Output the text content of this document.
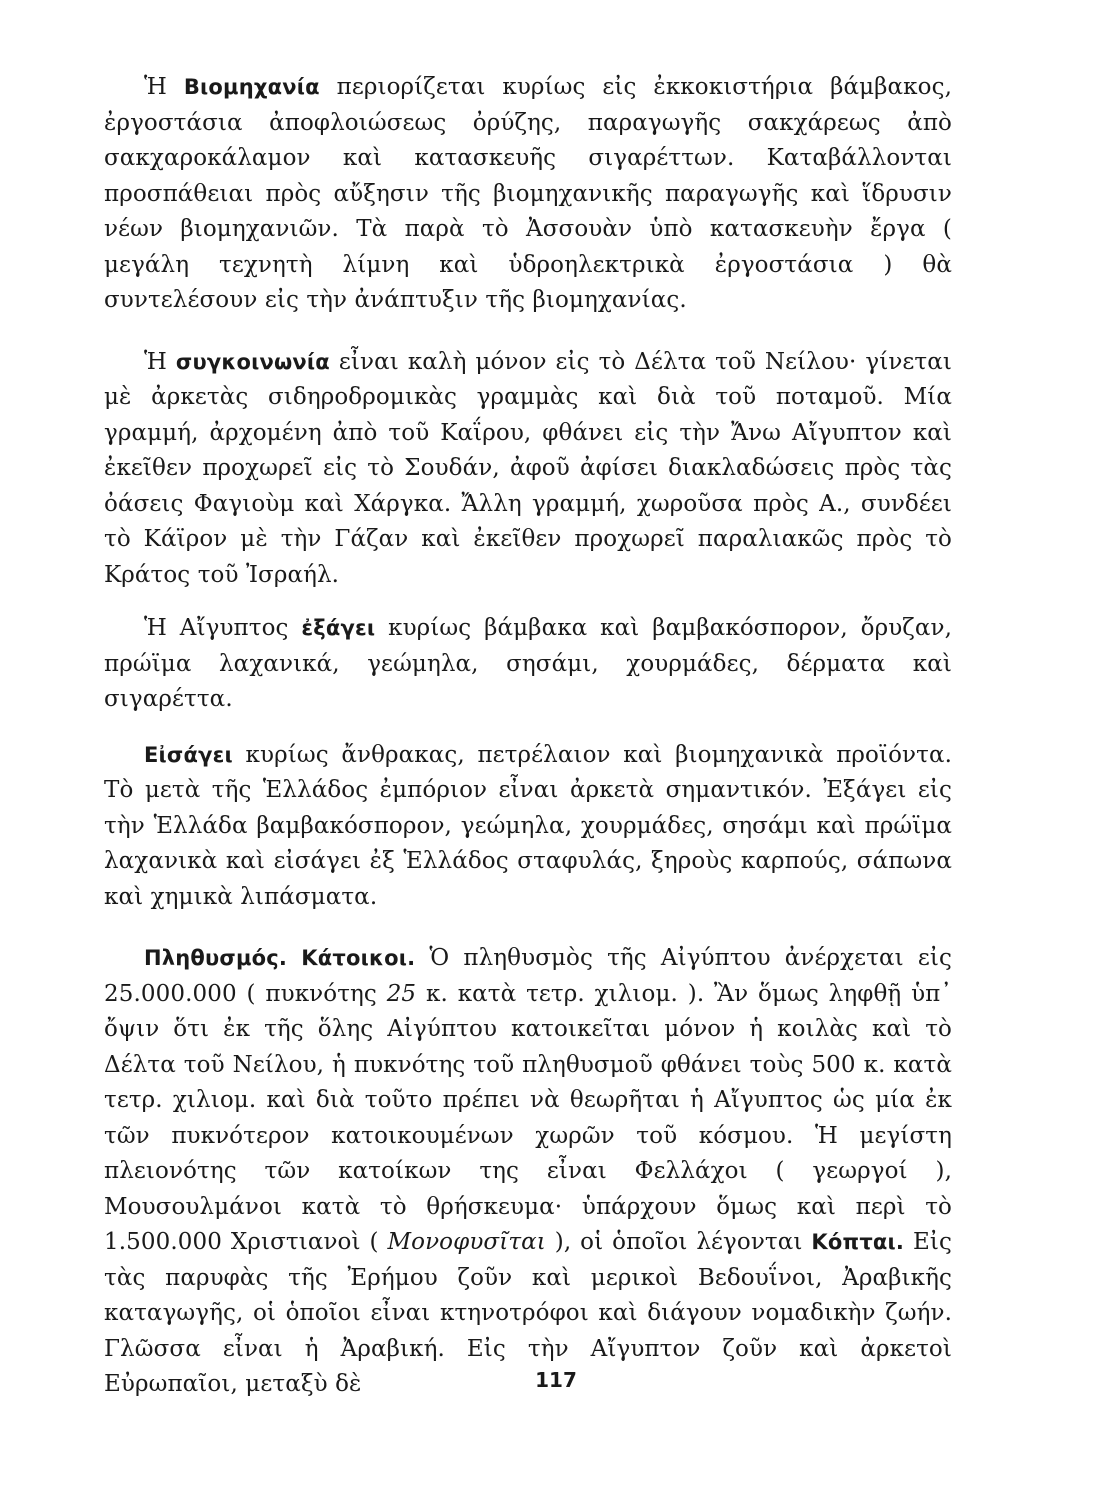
Ἡ Βιομηχανία περιορίζεται κυρίως εἰς ἐκκοκιστήρια βάμβακος, ἐργοστάσια ἀποφλοιώσεως ὀρύζης, παραγωγῆς σακχάρεως ἀπὸ σακχαροκάλαμον καὶ κατασκευῆς σιγαρέττων. Καταβάλλονται προσπάθειαι πρὸς αὔξησιν τῆς βιομηχανικῆς παραγωγῆς καὶ ἵδρυσιν νέων βιομηχανιῶν. Τὰ παρὰ τὸ Ἀσσουὰν ὑπὸ κατασκευὴν ἔργα ( μεγάλη τεχνητὴ λίμνη καὶ ὑδροηλεκτρικὰ ἐργοστάσια ) θὰ συντελέσουν εἰς τὴν ἀνάπτυξιν τῆς βιομηχανίας.

Ἡ συγκοινωνία εἶναι καλὴ μόνον εἰς τὸ Δέλτα τοῦ Νείλου· γίνεται μὲ ἀρκετὰς σιδηροδρομικὰς γραμμὰς καὶ διὰ τοῦ ποταμοῦ. Μία γραμμή, ἀρχομένη ἀπὸ τοῦ Καΐρου, φθάνει εἰς τὴν Ἄνω Αἴγυπτον καὶ ἐκεῖθεν προχωρεῖ εἰς τὸ Σουδάν, ἀφοῦ ἀφίσει διακλαδώσεις πρὸς τὰς ὀάσεις Φαγιοὺμ καὶ Χάργκα. Ἄλλη γραμμή, χωροῦσα πρὸς Α., συνδέει τὸ Κάϊρον μὲ τὴν Γάζαν καὶ ἐκεῖθεν προχωρεῖ παραλιακῶς πρὸς τὸ Κράτος τοῦ Ἰσραήλ.

Ἡ Αἴγυπτος ἐξάγει κυρίως βάμβακα καὶ βαμβακόσπορον, ὄρυζαν, πρώϊμα λαχανικά, γεώμηλα, σησάμι, χουρμάδες, δέρματα καὶ σιγαρέττα.

Εἰσάγει κυρίως ἄνθρακας, πετρέλαιον καὶ βιομηχανικὰ προϊόντα. Τὸ μετὰ τῆς Ἑλλάδος ἐμπόριον εἶναι ἀρκετὰ σημαντικόν. Ἐξάγει εἰς τὴν Ἑλλάδα βαμβακόσπορον, γεώμηλα, χουρμάδες, σησάμι καὶ πρώϊμα λαχανικὰ καὶ εἰσάγει ἐξ Ἑλλάδος σταφυλάς, ξηροὺς καρπούς, σάπωνα καὶ χημικὰ λιπάσματα.

Πληθυσμός. Κάτοικοι. Ὁ πληθυσμὸς τῆς Αἰγύπτου ἀνέρχεται εἰς 25.000.000 ( πυκνότης 25 κ. κατὰ τετρ. χιλιομ. ). Ἂν ὅμως ληφθῇ ὑπ᾿ ὄψιν ὅτι ἐκ τῆς ὅλης Αἰγύπτου κατοικεῖται μόνον ἡ κοιλὰς καὶ τὸ Δέλτα τοῦ Νείλου, ἡ πυκνότης τοῦ πληθυσμοῦ φθάνει τοὺς 500 κ. κατὰ τετρ. χιλιομ. καὶ διὰ τοῦτο πρέπει νὰ θεωρῆται ἡ Αἴγυπτος ὡς μία ἐκ τῶν πυκνότερον κατοικουμένων χωρῶν τοῦ κόσμου. Ἡ μεγίστη πλειονότης τῶν κατοίκων της εἶναι Φελλάχοι ( γεωργοί ), Μουσουλμάνοι κατὰ τὸ θρήσκευμα· ὑπάρχουν ὅμως καὶ περὶ τὸ 1.500.000 Χριστιανοὶ ( Μονοφυσῖται ), οἱ ὁποῖοι λέγονται Κόπται. Εἰς τὰς παρυφὰς τῆς Ἐρήμου ζοῦν καὶ μερικοὶ Βεδουΐνοι, Ἀραβικῆς καταγωγῆς, οἱ ὁποῖοι εἶναι κτηνοτρόφοι καὶ διάγουν νομαδικὴν ζωήν. Γλῶσσα εἶναι ἡ Ἀραβική. Εἰς τὴν Αἴγυπτον ζοῦν καὶ ἀρκετοὶ Εὐρωπαῖοι, μεταξὺ δὲ	117
